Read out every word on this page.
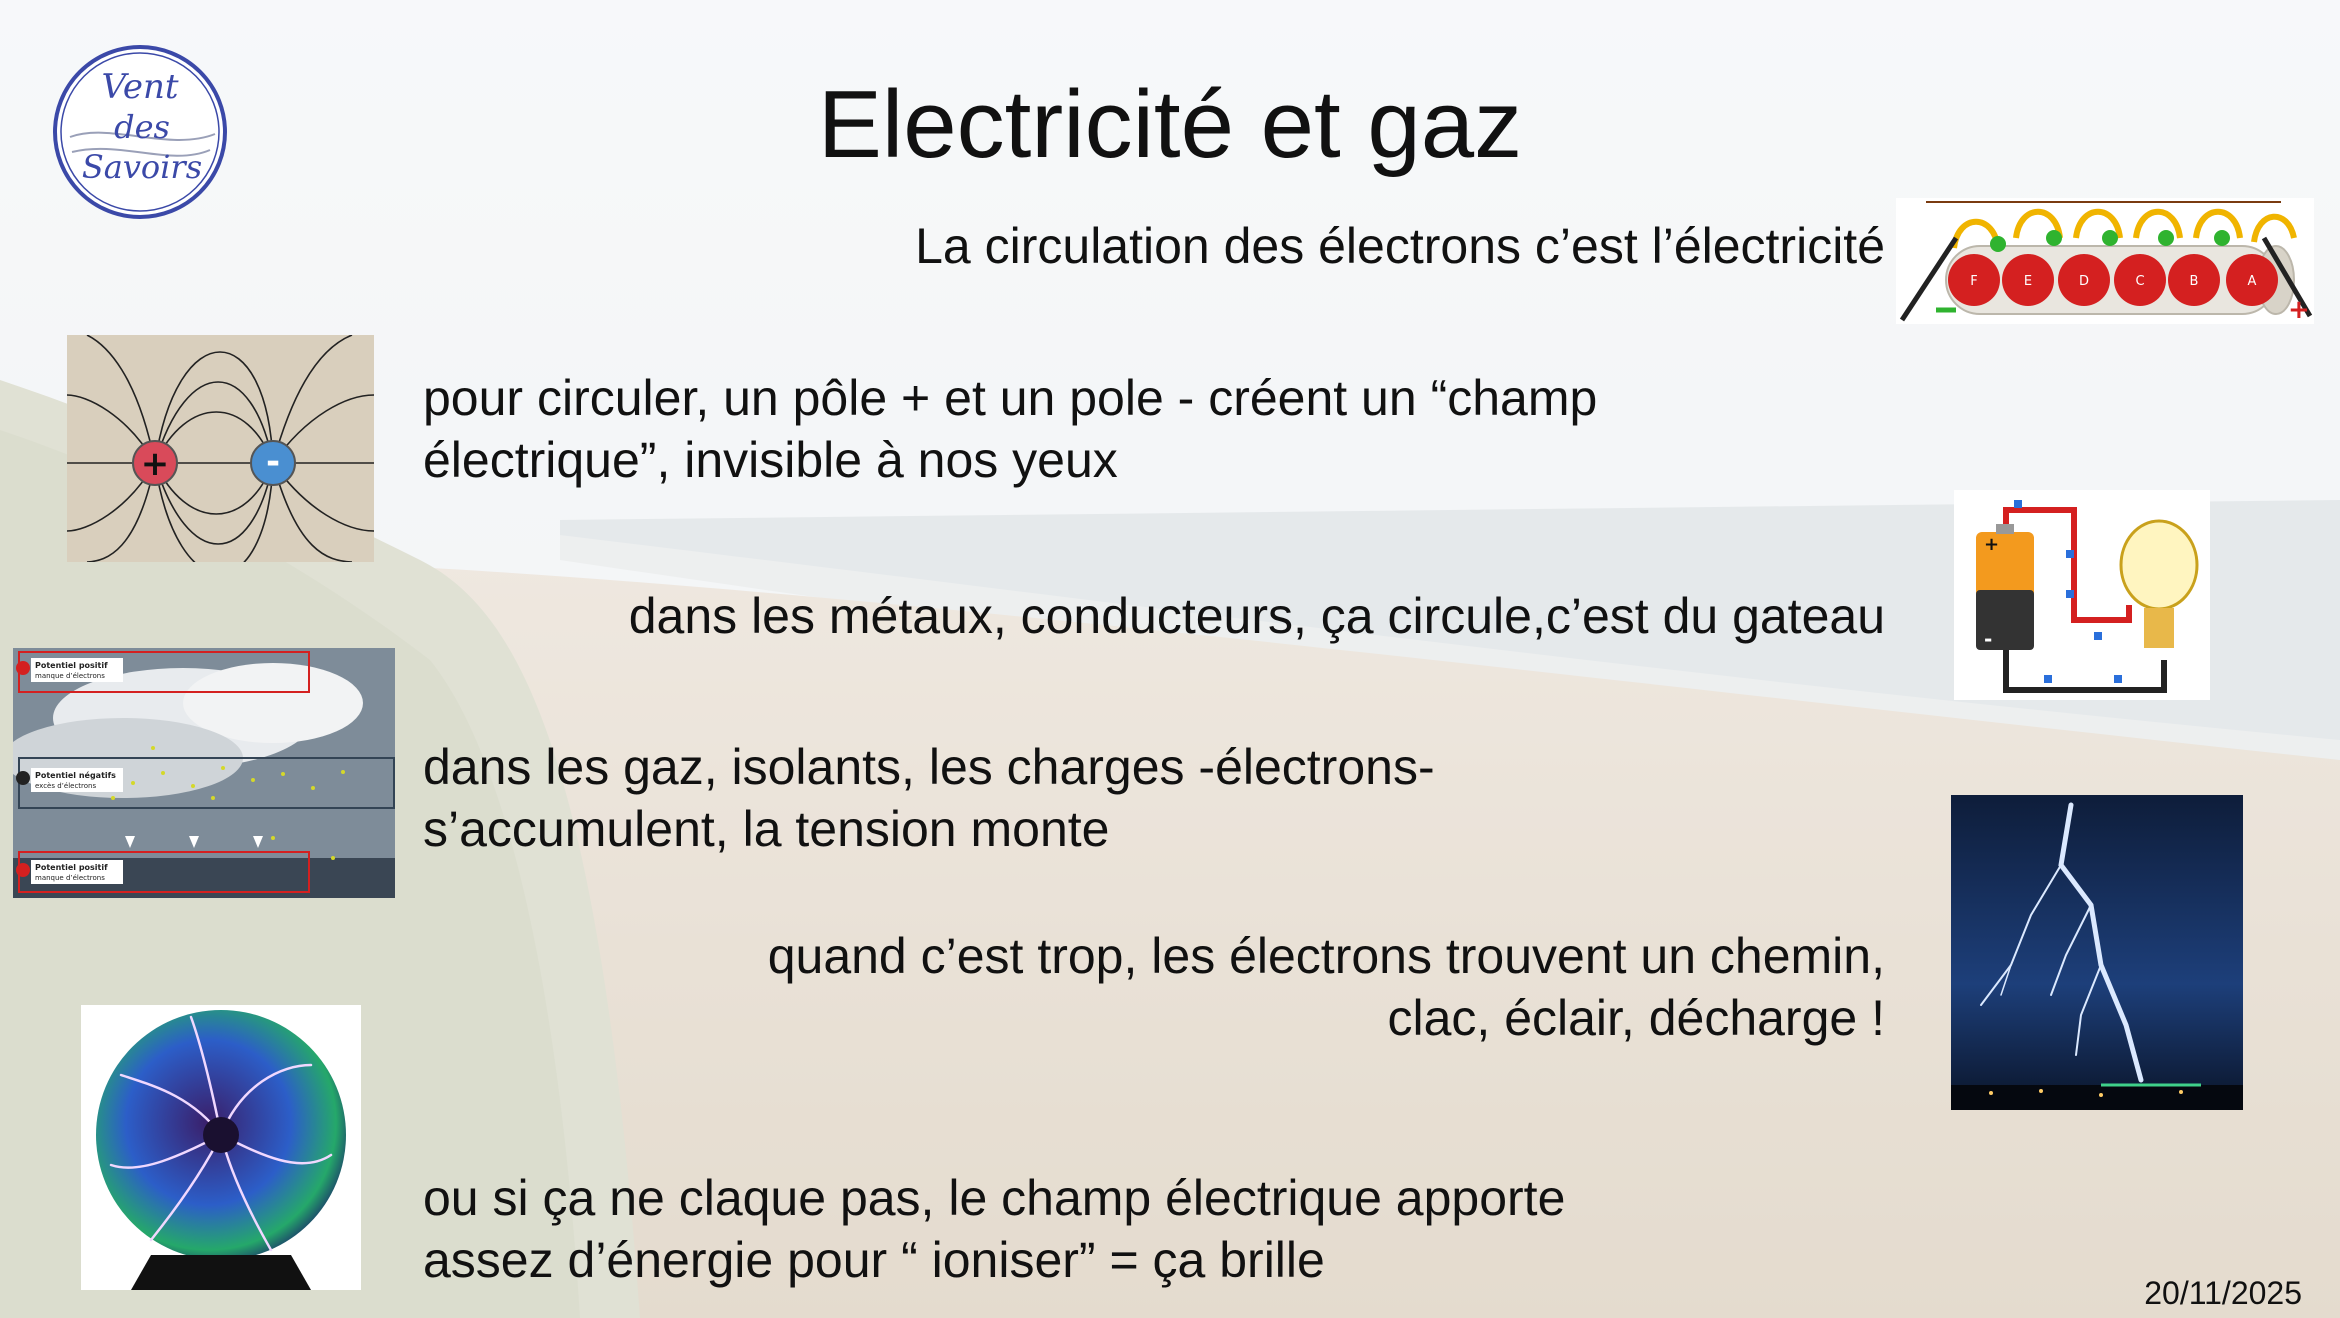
Vent
des
Savoirs	Electricité et gaz
La circulation des électrons c’est l’électricité
F	E	D	C	B	A
+
+	-
pour circuler, un pôle + et un pole - créent un “champ
électrique”, invisible à nos yeux
+
-
dans les métaux, conducteurs, ça circule,c’est du gateau
Potentiel positif
manque d’électrons
Potentiel négatifs
excès d’électrons
Potentiel positif
manque d’électrons
dans les gaz, isolants, les charges -électrons-
s’accumulent, la tension monte
quand c’est trop, les électrons trouvent un chemin,
clac, éclair, décharge !
ou si ça ne claque pas, le champ électrique apporte
assez d’énergie pour “ ioniser” = ça brille
20/11/2025
